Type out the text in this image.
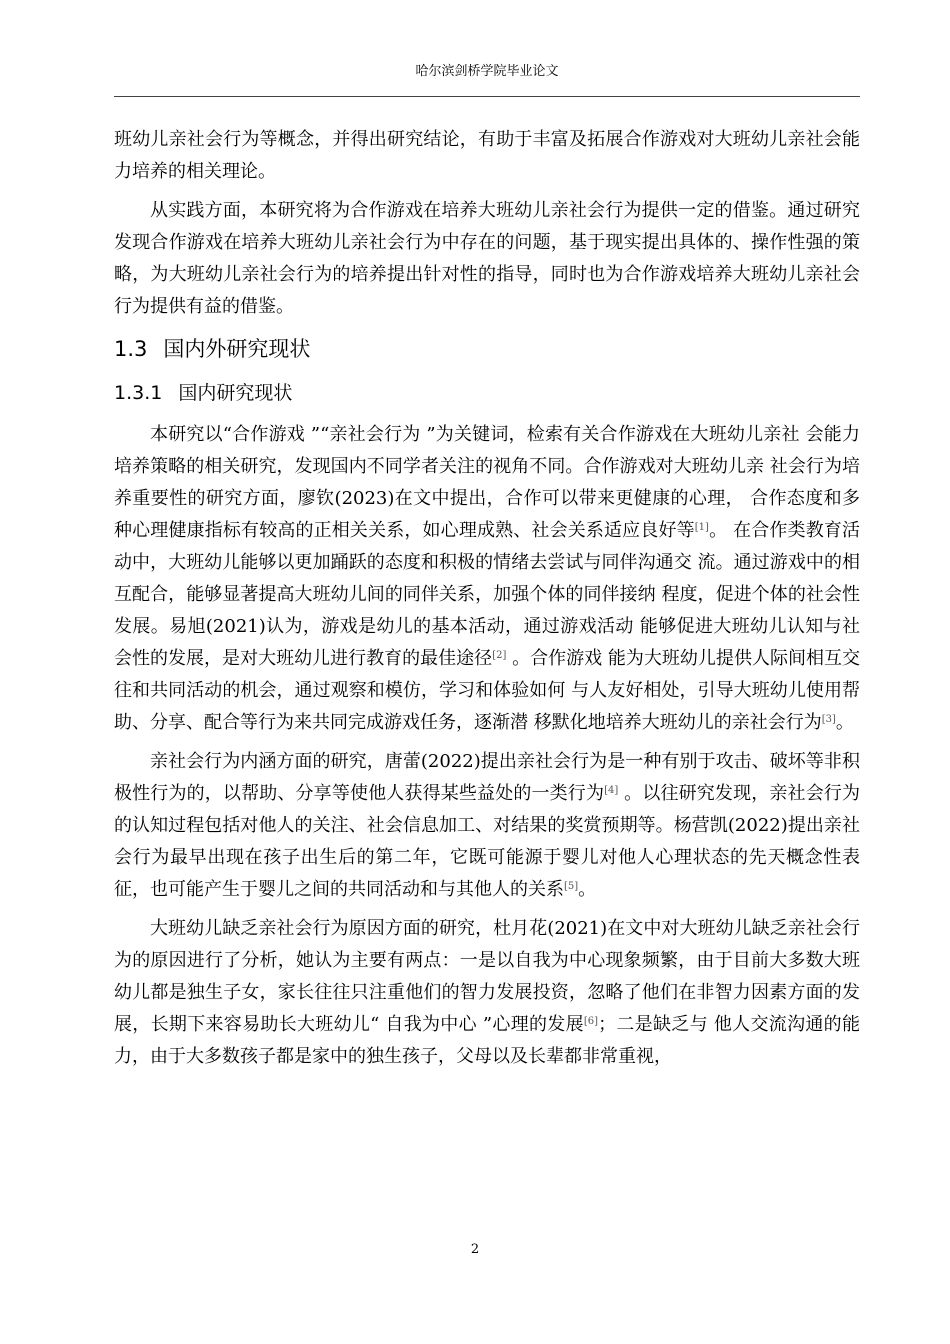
哈尔滨剑桥学院毕业论文

班幼儿亲社会行为等概念，并得出研究结论，有助于丰富及拓展合作游戏对大班幼儿亲社会能力培养的相关理论。

从实践方面，本研究将为合作游戏在培养大班幼儿亲社会行为提供一定的借鉴。通过研究发现合作游戏在培养大班幼儿亲社会行为中存在的问题，基于现实提出具体的、操作性强的策略，为大班幼儿亲社会行为的培养提出针对性的指导，同时也为合作游戏培养大班幼儿亲社会行为提供有益的借鉴。

1.3 国内外研究现状
1.3.1 国内研究现状

本研究以“合作游戏 ”“亲社会行为 ”为关键词，检索有关合作游戏在大班幼儿亲社 会能力培养策略的相关研究，发现国内不同学者关注的视角不同。合作游戏对大班幼儿亲 社会行为培养重要性的研究方面，廖钦(2023)在文中提出，合作可以带来更健康的心理， 合作态度和多种心理健康指标有较高的正相关关系，如心理成熟、社会关系适应良好等[1]。 在合作类教育活动中，大班幼儿能够以更加踊跃的态度和积极的情绪去尝试与同伴沟通交 流。通过游戏中的相互配合，能够显著提高大班幼儿间的同伴关系，加强个体的同伴接纳 程度，促进个体的社会性发展。易旭(2021)认为，游戏是幼儿的基本活动，通过游戏活动 能够促进大班幼儿认知与社会性的发展，是对大班幼儿进行教育的最佳途径[2] 。合作游戏 能为大班幼儿提供人际间相互交往和共同活动的机会，通过观察和模仿，学习和体验如何 与人友好相处，引导大班幼儿使用帮助、分享、配合等行为来共同完成游戏任务，逐渐潜 移默化地培养大班幼儿的亲社会行为[3]。

亲社会行为内涵方面的研究，唐蕾(2022)提出亲社会行为是一种有别于攻击、破坏等非积极性行为的，以帮助、分享等使他人获得某些益处的一类行为[4] 。以往研究发现，亲社会行为的认知过程包括对他人的关注、社会信息加工、对结果的奖赏预期等。杨营凯(2022)提出亲社会行为最早出现在孩子出生后的第二年，它既可能源于婴儿对他人心理状态的先天概念性表征，也可能产生于婴儿之间的共同活动和与其他人的关系[5]。

大班幼儿缺乏亲社会行为原因方面的研究，杜月花(2021)在文中对大班幼儿缺乏亲社会行为的原因进行了分析，她认为主要有两点：一是以自我为中心现象频繁，由于目前大多数大班幼儿都是独生子女，家长往往只注重他们的智力发展投资，忽略了他们在非智力因素方面的发展，长期下来容易助长大班幼儿“ 自我为中心 ”心理的发展[6]；二是缺乏与 他人交流沟通的能力，由于大多数孩子都是家中的独生孩子，父母以及长辈都非常重视，

2
